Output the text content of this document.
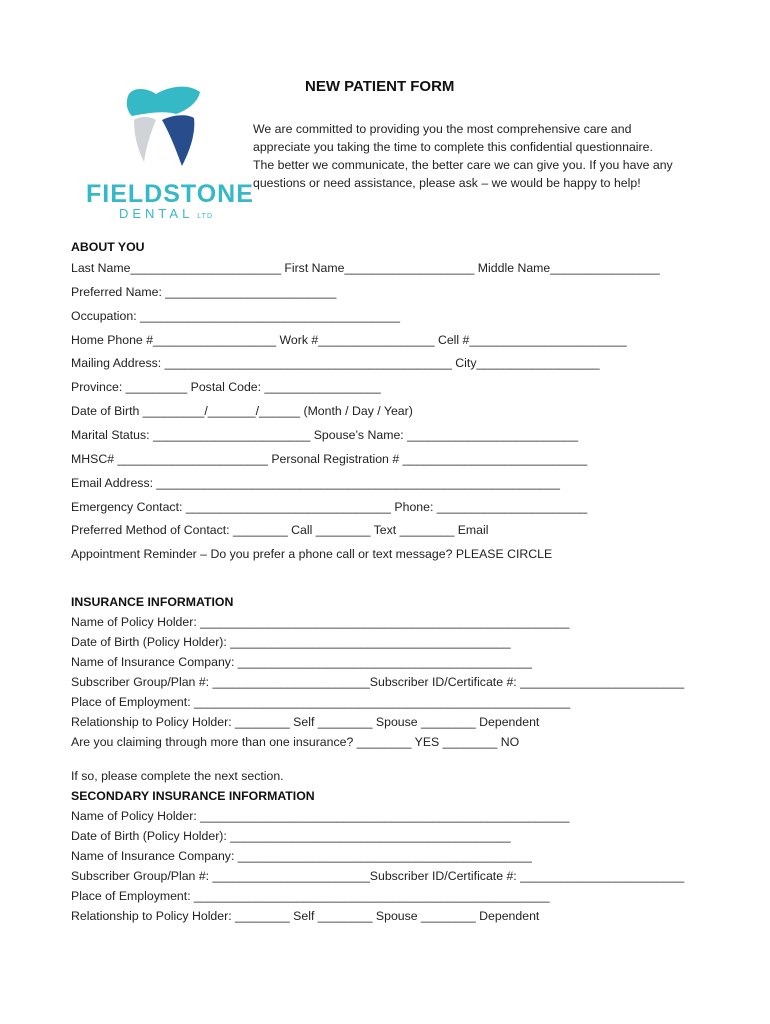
FIELDSTONE
DENTAL LTD
NEW PATIENT FORM
We are committed to providing you the most comprehensive care and
appreciate you taking the time to complete this confidential questionnaire.
The better we communicate, the better care we can give you. If you have any
questions or need assistance, please ask – we would be happy to help!
ABOUT YOU
Last Name______________________ First Name___________________ Middle Name________________
Preferred Name: _________________________
Occupation: ______________________________________
Home Phone #__________________ Work #_________________ Cell #_______________________
Mailing Address: __________________________________________ City__________________
Province: _________ Postal Code: _________________
Date of Birth _________/_______/______ (Month / Day / Year)
Marital Status: _______________________ Spouse’s Name: _________________________
MHSC# ______________________ Personal Registration # ___________________________
Email Address: ___________________________________________________________
Emergency Contact: ______________________________ Phone: ______________________
Preferred Method of Contact: ________ Call ________ Text ________ Email
Appointment Reminder – Do you prefer a phone call or text message? PLEASE CIRCLE
INSURANCE INFORMATION
Name of Policy Holder: ______________________________________________________
Date of Birth (Policy Holder): _________________________________________
Name of Insurance Company: ___________________________________________
Subscriber Group/Plan #: _______________________Subscriber ID/Certificate #: ________________________
Place of Employment: _______________________________________________________
Relationship to Policy Holder: ________ Self ________ Spouse ________ Dependent
Are you claiming through more than one insurance? ________ YES ________ NO
If so, please complete the next section.
SECONDARY INSURANCE INFORMATION
Name of Policy Holder: ______________________________________________________
Date of Birth (Policy Holder): _________________________________________
Name of Insurance Company: ___________________________________________
Subscriber Group/Plan #: _______________________Subscriber ID/Certificate #: ________________________
Place of Employment: ____________________________________________________
Relationship to Policy Holder: ________ Self ________ Spouse ________ Dependent
